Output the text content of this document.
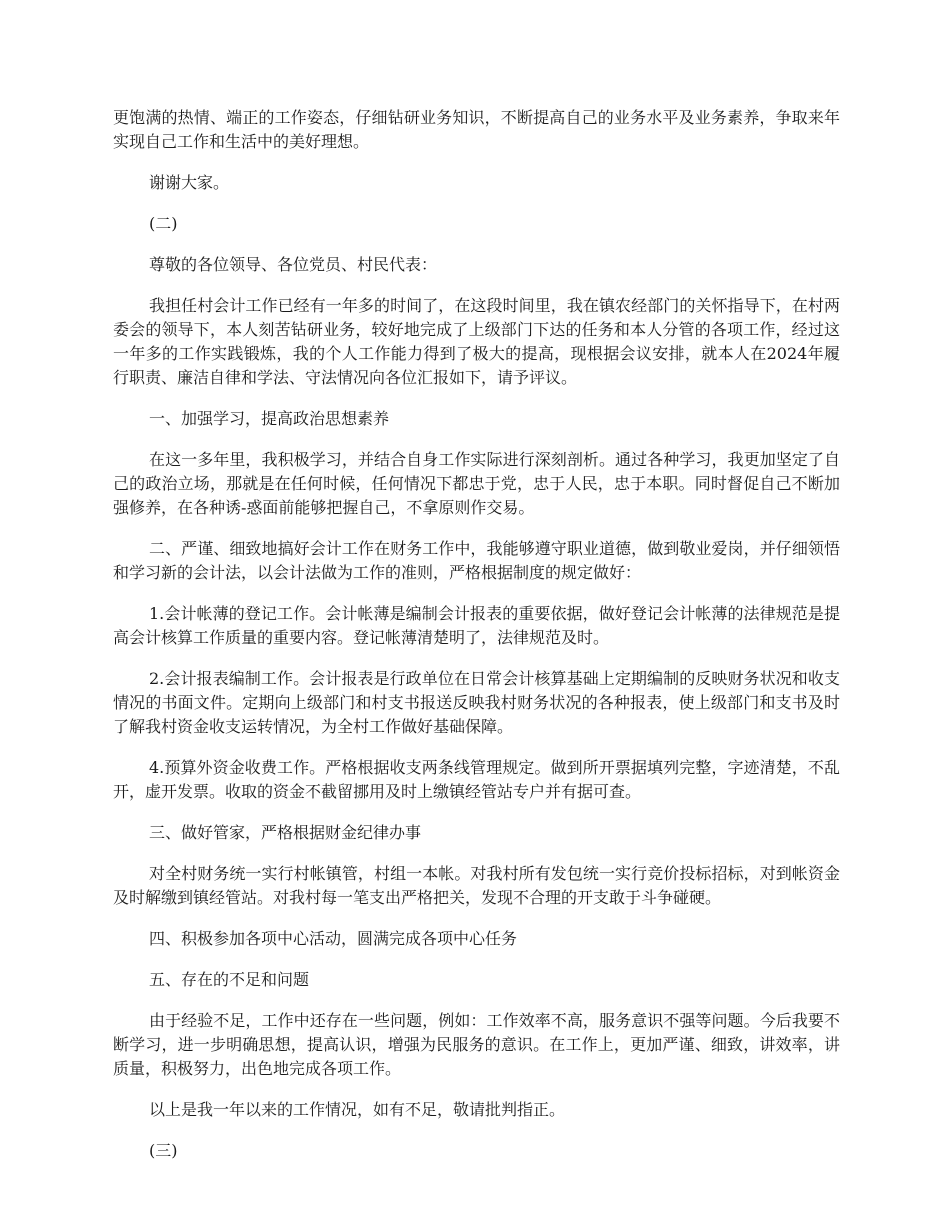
更饱满的热情、端正的工作姿态，仔细钻研业务知识，不断提高自己的业务水平及业务素养，争取来年实现自己工作和生活中的美好理想。

谢谢大家。

(二)

尊敬的各位领导、各位党员、村民代表：

我担任村会计工作已经有一年多的时间了，在这段时间里，我在镇农经部门的关怀指导下，在村两委会的领导下，本人刻苦钻研业务，较好地完成了上级部门下达的任务和本人分管的各项工作，经过这一年多的工作实践锻炼，我的个人工作能力得到了极大的提高，现根据会议安排，就本人在2024年履行职责、廉洁自律和学法、守法情况向各位汇报如下，请予评议。

一、加强学习，提高政治思想素养

在这一多年里，我积极学习，并结合自身工作实际进行深刻剖析。通过各种学习，我更加坚定了自己的政治立场，那就是在任何时候，任何情况下都忠于党，忠于人民，忠于本职。同时督促自己不断加强修养，在各种诱-惑面前能够把握自己，不拿原则作交易。

二、严谨、细致地搞好会计工作在财务工作中，我能够遵守职业道德，做到敬业爱岗，并仔细领悟和学习新的会计法，以会计法做为工作的准则，严格根据制度的规定做好：

1.会计帐薄的登记工作。会计帐薄是编制会计报表的重要依据，做好登记会计帐薄的法律规范是提高会计核算工作质量的重要内容。登记帐薄清楚明了，法律规范及时。

2.会计报表编制工作。会计报表是行政单位在日常会计核算基础上定期编制的反映财务状况和收支情况的书面文件。定期向上级部门和村支书报送反映我村财务状况的各种报表，使上级部门和支书及时了解我村资金收支运转情况，为全村工作做好基础保障。

4.预算外资金收费工作。严格根据收支两条线管理规定。做到所开票据填列完整，字迹清楚，不乱开，虚开发票。收取的资金不截留挪用及时上缴镇经管站专户并有据可查。

三、做好管家，严格根据财金纪律办事

对全村财务统一实行村帐镇管，村组一本帐。对我村所有发包统一实行竞价投标招标，对到帐资金及时解缴到镇经管站。对我村每一笔支出严格把关，发现不合理的开支敢于斗争碰硬。

四、积极参加各项中心活动，圆满完成各项中心任务

五、存在的不足和问题

由于经验不足，工作中还存在一些问题，例如：工作效率不高，服务意识不强等问题。今后我要不断学习，进一步明确思想，提高认识，增强为民服务的意识。在工作上，更加严谨、细致，讲效率，讲质量，积极努力，出色地完成各项工作。

以上是我一年以来的工作情况，如有不足，敬请批判指正。

(三)
